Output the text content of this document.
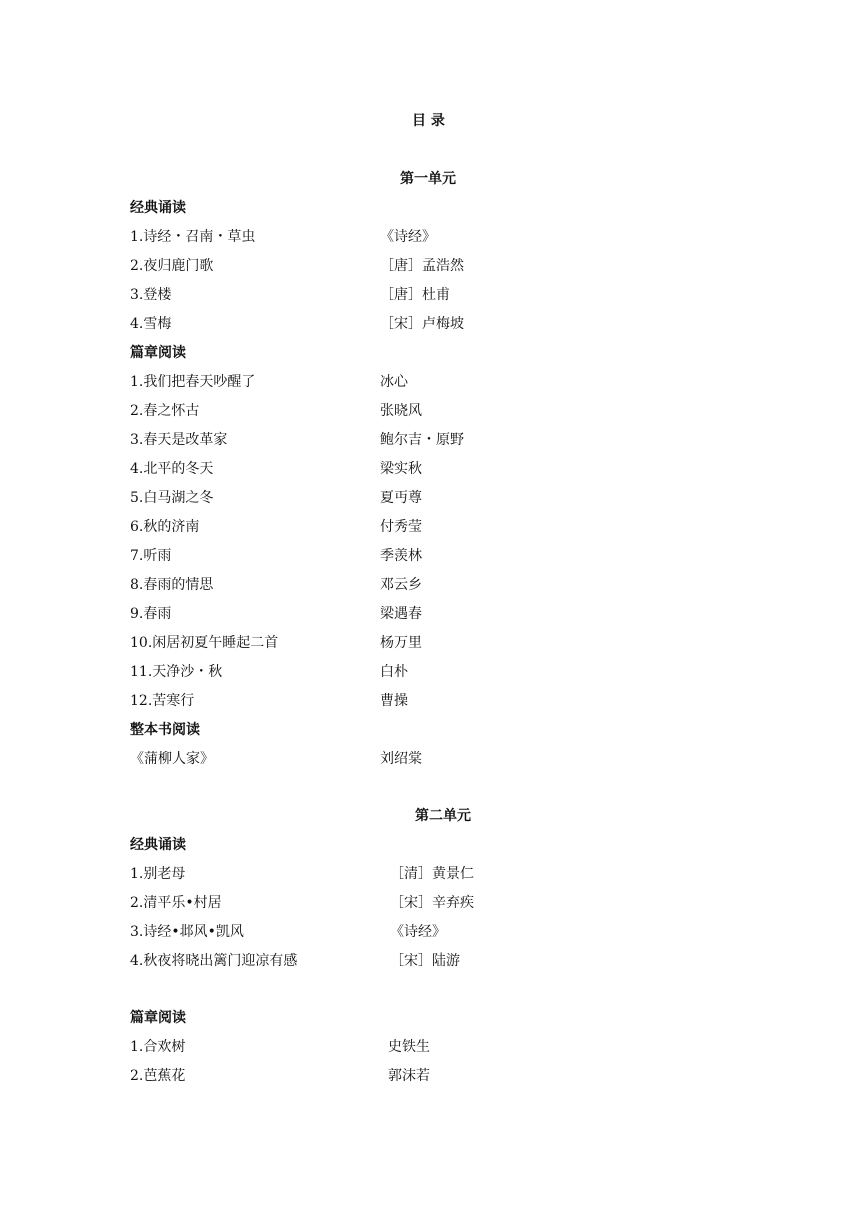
目 录
第一单元
经典诵读
1.诗经・召南・草虫	《诗经》
2.夜归鹿门歌	［唐］孟浩然
3.登楼	［唐］杜甫
4.雪梅	［宋］卢梅坡
篇章阅读
1.我们把春天吵醒了	冰心
2.春之怀古	张晓风
3.春天是改革家	鲍尔吉・原野
4.北平的冬天	梁实秋
5.白马湖之冬	夏丏尊
6.秋的济南	付秀莹
7.听雨	季羡林
8.春雨的情思	邓云乡
9.春雨	梁遇春
10.闲居初夏午睡起二首	杨万里
11.天净沙・秋	白朴
12.苦寒行	曹操
整本书阅读
《蒲柳人家》	刘绍棠
第二单元
经典诵读
1.别老母	［清］黄景仁
2.清平乐•村居	［宋］辛弃疾
3.诗经•邶风•凯风	《诗经》
4.秋夜将晓出篱门迎凉有感	［宋］陆游
篇章阅读
1.合欢树	史铁生
2.芭蕉花	郭沫若
